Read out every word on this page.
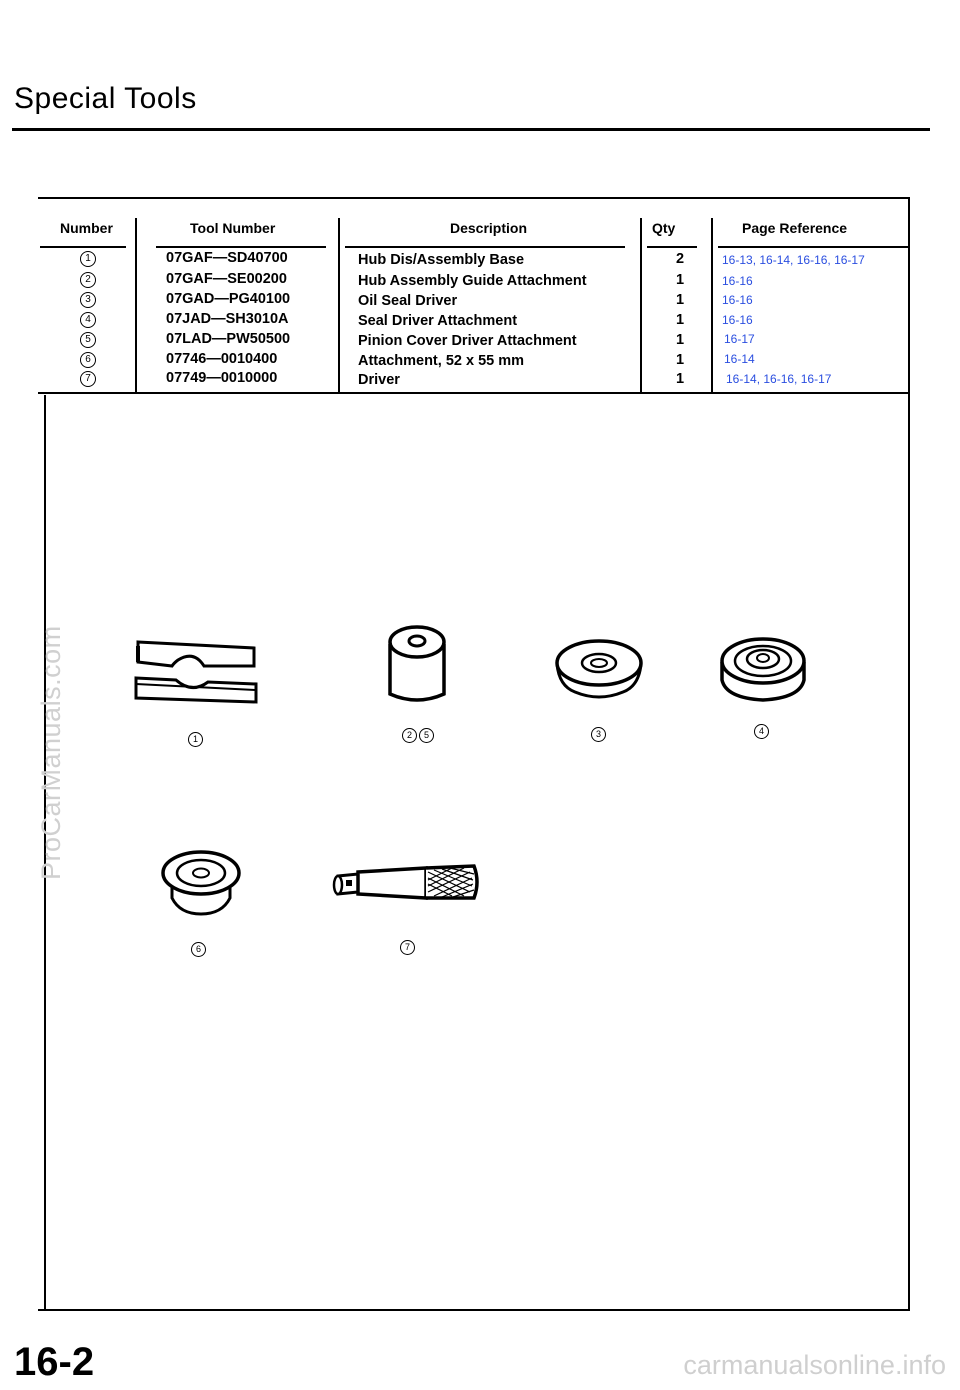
Special Tools
Number	Tool Number	Description	Qty	Page Reference
1	07GAF—SD40700	Hub Dis/Assembly Base	2	16-13, 16-14, 16-16, 16-17
2	07GAF—SE00200	Hub Assembly Guide Attachment	1	16-16
3	07GAD—PG40100	Oil Seal Driver	1	16-16
4	07JAD—SH3010A	Seal Driver Attachment	1	16-16
5	07LAD—PW50500	Pinion Cover Driver Attachment	1	16-17
6	07746—0010400	Attachment, 52 x 55 mm	1	16-14
7	07749—0010000	Driver	1	16-14, 16-16, 16-17
1	2	5	3	4
6	7
ProCarManuals.com
16-2	carmanualsonline.info
